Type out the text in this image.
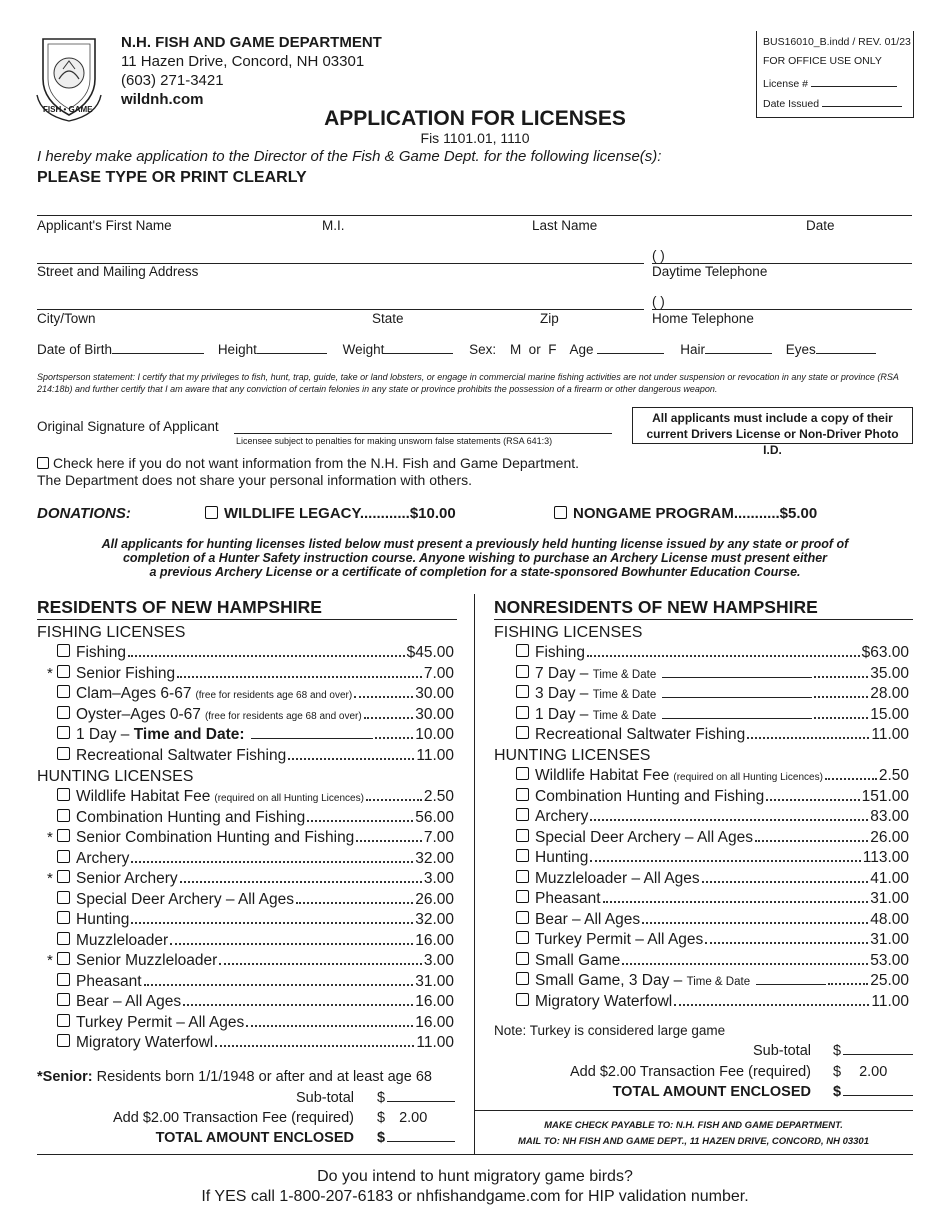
FISH • GAME
N.H. FISH AND GAME DEPARTMENT
11 Hazen Drive, Concord, NH 03301
(603) 271-3421
wildnh.com
BUS16010_B.indd / REV. 01/23
FOR OFFICE USE ONLY
License #
Date Issued
APPLICATION FOR LICENSES
Fis 1101.01, 1110
I hereby make application to the Director of the Fish & Game Dept. for the following license(s):
PLEASE TYPE OR PRINT CLEARLY
Applicant's First Name	M.I.	Last Name	Date
( )
Street and Mailing Address	Daytime Telephone
( )
City/Town	State	Zip	Home Telephone
Date of Birth	Height	Weight	Sex: M  or  F Age	Hair	Eyes
Sportsperson statement: I certify that my privileges to fish, hunt, trap, guide, take or land lobsters, or engage in commercial marine fishing activities are not under suspension or revocation in any state or province (RSA 214:18b) and further certify that I am aware that any conviction of certain felonies in any state or province prohibits the possession of a firearm or other dangerous weapon.
Original Signature of Applicant
Licensee subject to penalties for making unsworn false statements (RSA 641:3)
All applicants must include a copy of their current Drivers License or Non-Driver Photo I.D.
Check here if you do not want information from the N.H. Fish and Game Department.
The Department does not share your personal information with others.
DONATIONS:	WILDLIFE LEGACY............$10.00	NONGAME PROGRAM...........$5.00
All applicants for hunting licenses listed below must present a previously held hunting license issued by any state or proof of
completion of a Hunter Safety instruction course. Anyone wishing to purchase an Archery License must present either
a previous Archery License or a certificate of completion for a state-sponsored Bowhunter Education Course.
RESIDENTS OF NEW HAMPSHIRE
FISHING LICENSES
Fishing	$45.00
Senior Fishing	7.00
*
Clam–Ages 6-67 (free for residents age 68 and over)	30.00
Oyster–Ages 0-67 (free for residents age 68 and over)	30.00
1 Day – Time and Date:	10.00
Recreational Saltwater Fishing	11.00
HUNTING LICENSES
Wildlife Habitat Fee (required on all Hunting Licences)	2.50
Combination Hunting and Fishing	56.00
Senior Combination Hunting and Fishing	7.00
*
Archery	32.00
Senior Archery	3.00
*
Special Deer Archery – All Ages	26.00
Hunting	32.00
Muzzleloader	16.00
Senior Muzzleloader	3.00
*
Pheasant	31.00
Bear – All Ages	16.00
Turkey Permit – All Ages	16.00
Migratory Waterfowl	11.00
*Senior: Residents born 1/1/1948 or after and at least age 68
Sub-total $
Add $2.00 Transaction Fee (required) $ 2.00
TOTAL AMOUNT ENCLOSED $
NONRESIDENTS OF NEW HAMPSHIRE
FISHING LICENSES
Fishing	$63.00
7 Day – Time & Date	35.00
3 Day – Time & Date	28.00
1 Day – Time & Date	15.00
Recreational Saltwater Fishing	11.00
HUNTING LICENSES
Wildlife Habitat Fee (required on all Hunting Licences)	2.50
Combination Hunting and Fishing	151.00
Archery	83.00
Special Deer Archery – All Ages	26.00
Hunting	113.00
Muzzleloader – All Ages	41.00
Pheasant	31.00
Bear – All Ages	48.00
Turkey Permit – All Ages	31.00
Small Game	53.00
Small Game, 3 Day – Time & Date	25.00
Migratory Waterfowl	11.00
Note: Turkey is considered large game
Sub-total $
Add $2.00 Transaction Fee (required) $ 2.00
TOTAL AMOUNT ENCLOSED $
MAKE CHECK PAYABLE TO: N.H. FISH AND GAME DEPARTMENT.
MAIL TO: NH FISH AND GAME DEPT., 11 HAZEN DRIVE, CONCORD, NH 03301
Do you intend to hunt migratory game birds?
If YES call 1-800-207-6183 or nhfishandgame.com for HIP validation number.
